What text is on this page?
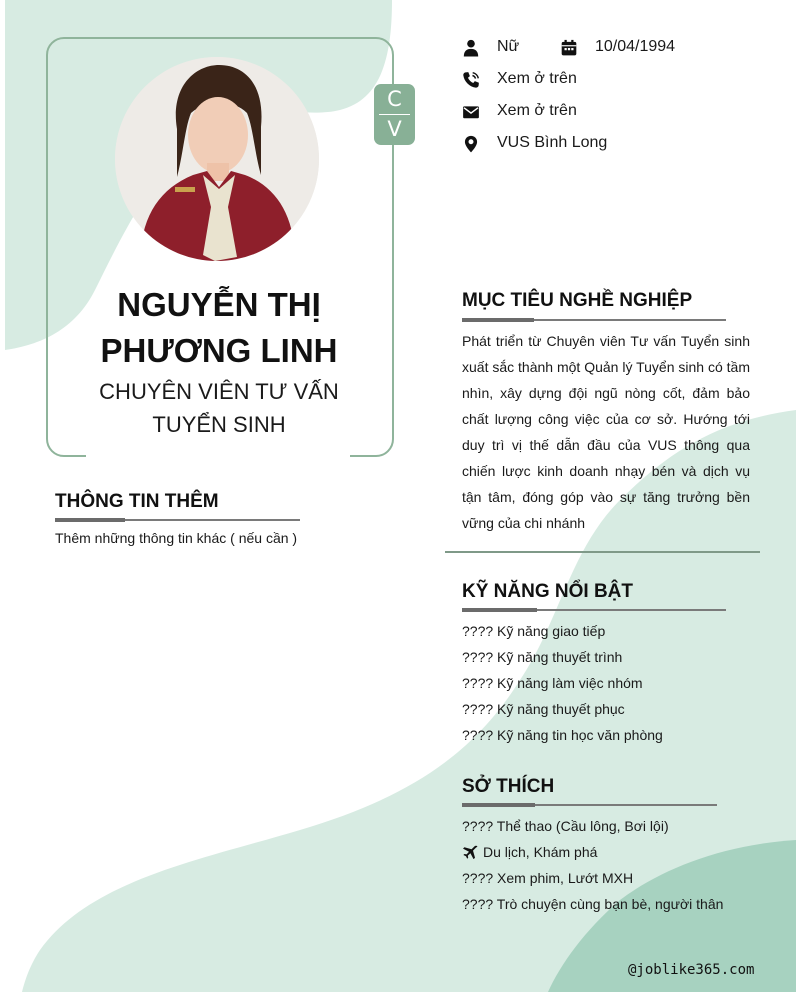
C
V
NGUYỄN THỊ PHƯƠNG LINH
CHUYÊN VIÊN TƯ VẤN TUYỂN SINH
Nữ	10/04/1994
Xem ở trên
Xem ở trên
VUS Bình Long
MỤC TIÊU NGHỀ NGHIỆP
Phát triển từ Chuyên viên Tư vấn Tuyển sinh xuất sắc thành một Quản lý Tuyển sinh có tầm nhìn, xây dựng đội ngũ nòng cốt, đảm bảo chất lượng công việc của cơ sở. Hướng tới duy trì vị thế dẫn đầu của VUS thông qua chiến lược kinh doanh nhạy bén và dịch vụ tận tâm, đóng góp vào sự tăng trưởng bền vững của chi nhánh
KỸ NĂNG NỔI BẬT
???? Kỹ năng giao tiếp
???? Kỹ năng thuyết trình
???? Kỹ năng làm việc nhóm
???? Kỹ năng thuyết phục
???? Kỹ năng tin học văn phòng
SỞ THÍCH
???? Thể thao (Cầu lông, Bơi lội)
Du lịch, Khám phá
???? Xem phim, Lướt MXH
???? Trò chuyện cùng bạn bè, người thân
THÔNG TIN THÊM
Thêm những thông tin khác ( nếu cần )
@joblike365.com
